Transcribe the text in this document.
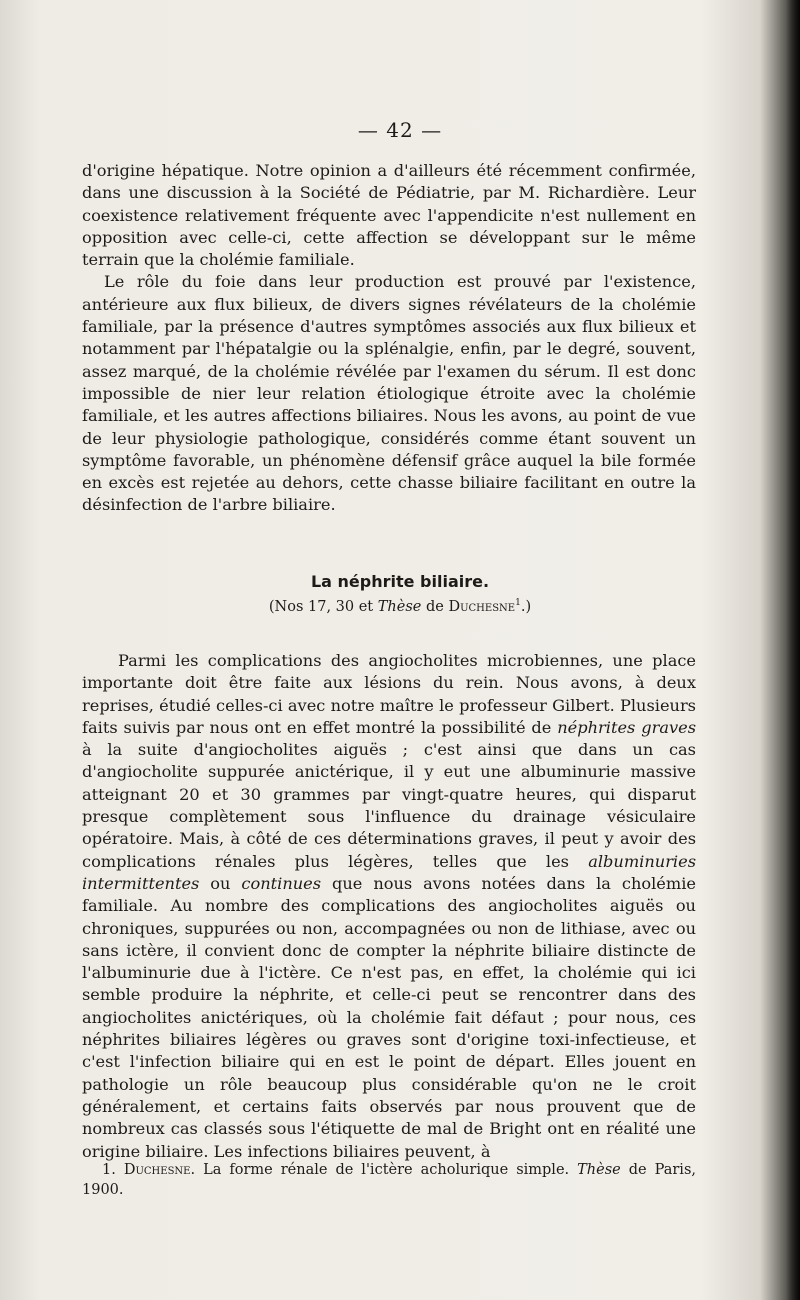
— 42 —

d'origine hépatique. Notre opinion a d'ailleurs été récemment confirmée, dans une discussion à la Société de Pédiatrie, par M. Richardière. Leur coexistence relativement fréquente avec l'appendicite n'est nullement en opposition avec celle-ci, cette affection se développant sur le même terrain que la cholémie familiale.

Le rôle du foie dans leur production est prouvé par l'existence, antérieure aux flux bilieux, de divers signes révélateurs de la cholémie familiale, par la présence d'autres symptômes associés aux flux bilieux et notamment par l'hépatalgie ou la splénalgie, enfin, par le degré, souvent, assez marqué, de la cholémie révélée par l'examen du sérum. Il est donc impossible de nier leur relation étiologique étroite avec la cholémie familiale, et les autres affections biliaires. Nous les avons, au point de vue de leur physiologie pathologique, considérés comme étant souvent un symptôme favorable, un phénomène défensif grâce auquel la bile formée en excès est rejetée au dehors, cette chasse biliaire facilitant en outre la désinfection de l'arbre biliaire.

La néphrite biliaire.
(Nos 17, 30 et Thèse de Duchesne$^1$.)

Parmi les complications des angiocholites microbiennes, une place importante doit être faite aux lésions du rein. Nous avons, à deux reprises, étudié celles-ci avec notre maître le professeur Gilbert. Plusieurs faits suivis par nous ont en effet montré la possibilité de néphrites graves à la suite d'angiocholites aiguës ; c'est ainsi que dans un cas d'angiocholite suppurée anictérique, il y eut une albuminurie massive atteignant 20 et 30 grammes par vingt-quatre heures, qui disparut presque complètement sous l'influence du drainage vésiculaire opératoire. Mais, à côté de ces déterminations graves, il peut y avoir des complications rénales plus légères, telles que les albuminuries intermittentes ou continues que nous avons notées dans la cholémie familiale. Au nombre des complications des angiocholites aiguës ou chroniques, suppurées ou non, accompagnées ou non de lithiase, avec ou sans ictère, il convient donc de compter la néphrite biliaire distincte de l'albuminurie due à l'ictère. Ce n'est pas, en effet, la cholémie qui ici semble produire la néphrite, et celle-ci peut se rencontrer dans des angiocholites anictériques, où la cholémie fait défaut ; pour nous, ces néphrites biliaires légères ou graves sont d'origine toxi-infectieuse, et c'est l'infection biliaire qui en est le point de départ. Elles jouent en pathologie un rôle beaucoup plus considérable qu'on ne le croit généralement, et certains faits observés par nous prouvent que de nombreux cas classés sous l'étiquette de mal de Bright ont en réalité une origine biliaire. Les infections biliaires peuvent, à

1. Duchesne. La forme rénale de l'ictère acholurique simple. Thèse de Paris, 1900.
